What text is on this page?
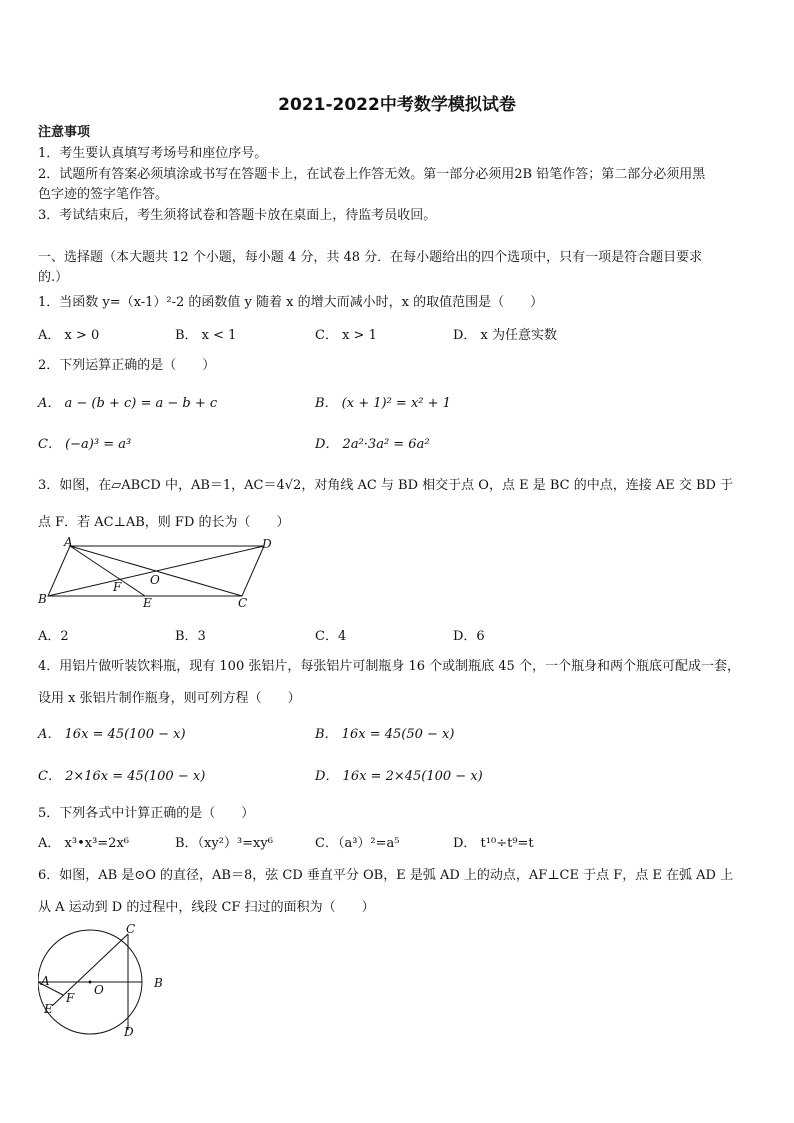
2021-2022中考数学模拟试卷
注意事项
1．考生要认真填写考场号和座位序号。
2．试题所有答案必须填涂或书写在答题卡上，在试卷上作答无效。第一部分必须用2B 铅笔作答；第二部分必须用黑
色字迹的签字笔作答。
3．考试结束后，考生须将试卷和答题卡放在桌面上，待监考员收回。
一、选择题（本大题共 12 个小题，每小题 4 分，共 48 分．在每小题给出的四个选项中，只有一项是符合题目要求
的.）
1．当函数 y=（x-1）²-2 的函数值 y 随着 x 的增大而减小时，x 的取值范围是（　　）
A． x > 0	B． x < 1	C． x > 1	D． x 为任意实数
2．下列运算正确的是（　　）
A． a − (b + c) = a − b + c	B． (x + 1)² = x² + 1
C． (−a)³ = a³	D． 2a²·3a² = 6a²
3．如图，在▱ABCD 中，AB＝1，AC＝4√2，对角线 AC 与 BD 相交于点 O，点 E 是 BC 的中点，连接 AE 交 BD 于
点 F．若 AC⊥AB，则 FD 的长为（　　）
A	D
O
F
B	E	C
A．2	B．3	C．4	D．6
4．用铝片做听装饮料瓶，现有 100 张铝片，每张铝片可制瓶身 16 个或制瓶底 45 个，一个瓶身和两个瓶底可配成一套，
设用 x 张铝片制作瓶身，则可列方程（　　）
A． 16x = 45(100 − x)	B． 16x = 45(50 − x)
C． 2×16x = 45(100 − x)	D． 16x = 2×45(100 − x)
5．下列各式中计算正确的是（　　）
A． x³•x³=2x⁶	B．（xy²）³=xy⁶	C．（a³）²=a⁵	D． t¹⁰÷t⁹=t
6．如图，AB 是⊙O 的直径，AB＝8，弦 CD 垂直平分 OB，E 是弧 AD 上的动点，AF⊥CE 于点 F，点 E 在弧 AD 上
从 A 运动到 D 的过程中，线段 CF 扫过的面积为（　　）
C
A
O	B
F
E
D
